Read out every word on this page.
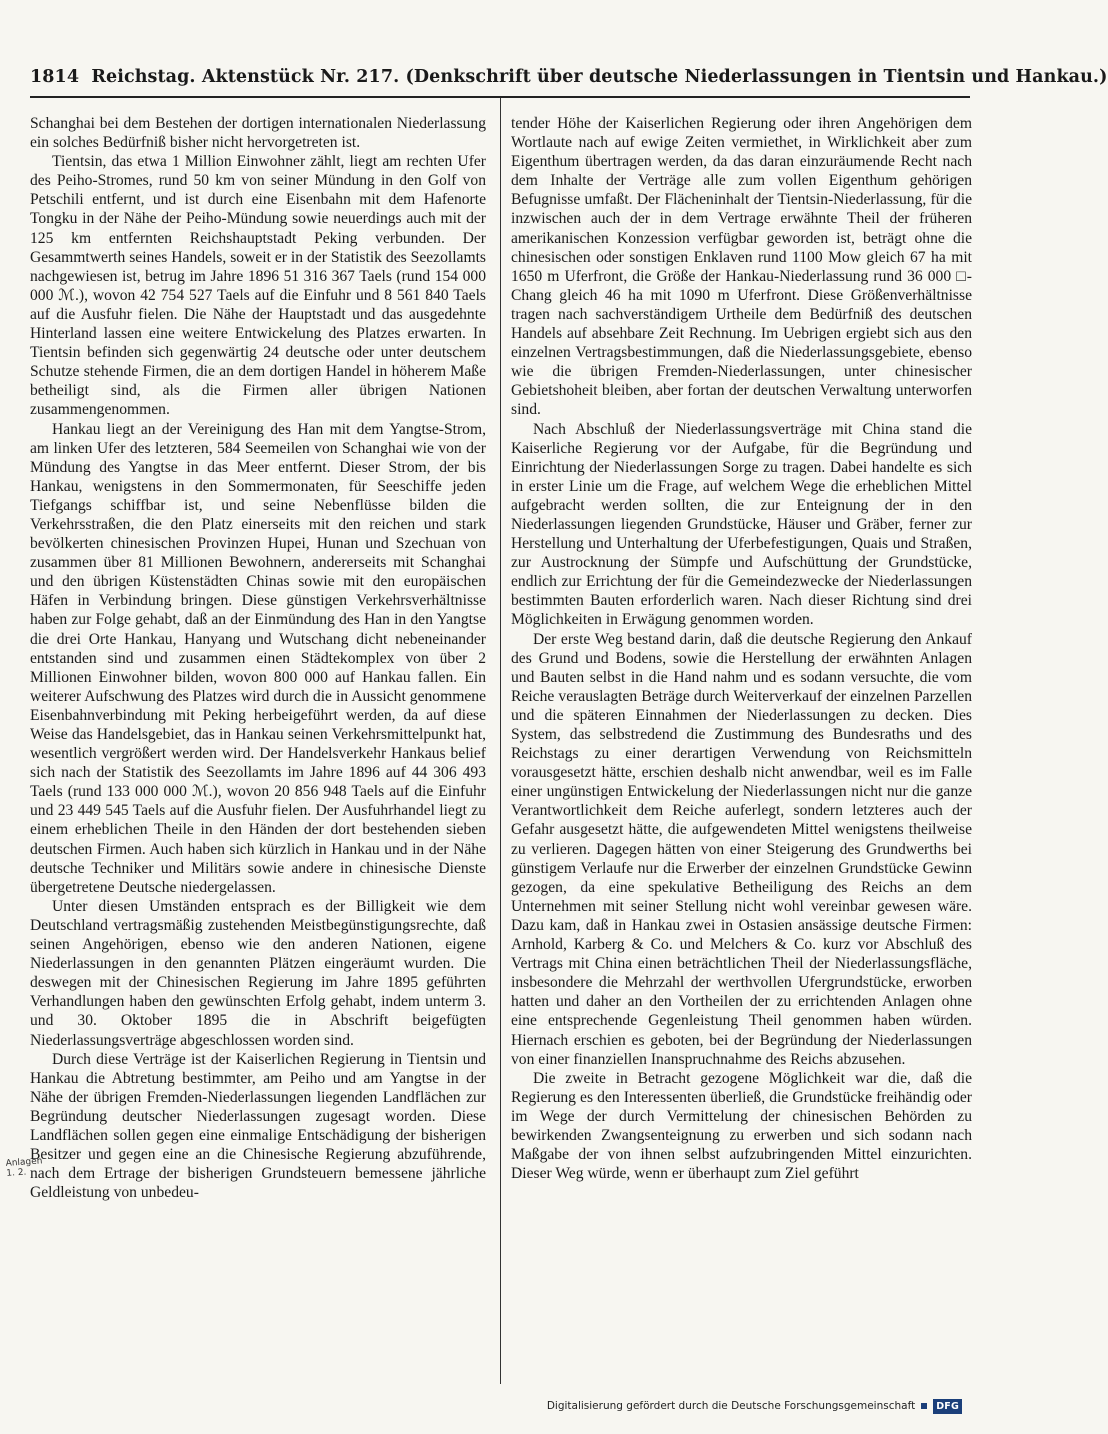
1814 Reichstag. Aktenstück Nr. 217. (Denkschrift über deutsche Niederlassungen in Tientsin und Hankau.)

Schanghai bei dem Bestehen der dortigen internationalen Niederlassung ein solches Bedürfniß bisher nicht hervorgetreten ist.

Tientsin, das etwa 1 Million Einwohner zählt, liegt am rechten Ufer des Peiho-Stromes, rund 50 km von seiner Mündung in den Golf von Petschili entfernt, und ist durch eine Eisenbahn mit dem Hafenorte Tongku in der Nähe der Peiho-Mündung sowie neuerdings auch mit der 125 km entfernten Reichshauptstadt Peking verbunden. Der Gesammtwerth seines Handels, soweit er in der Statistik des Seezollamts nachgewiesen ist, betrug im Jahre 1896 51 316 367 Taels (rund 154 000 000 ℳ.), wovon 42 754 527 Taels auf die Einfuhr und 8 561 840 Taels auf die Ausfuhr fielen. Die Nähe der Hauptstadt und das ausgedehnte Hinterland lassen eine weitere Entwickelung des Platzes erwarten. In Tientsin befinden sich gegenwärtig 24 deutsche oder unter deutschem Schutze stehende Firmen, die an dem dortigen Handel in höherem Maße betheiligt sind, als die Firmen aller übrigen Nationen zusammengenommen.

Hankau liegt an der Vereinigung des Han mit dem Yangtse-Strom, am linken Ufer des letzteren, 584 Seemeilen von Schanghai wie von der Mündung des Yangtse in das Meer entfernt. Dieser Strom, der bis Hankau, wenigstens in den Sommermonaten, für Seeschiffe jeden Tiefgangs schiffbar ist, und seine Nebenflüsse bilden die Verkehrsstraßen, die den Platz einerseits mit den reichen und stark bevölkerten chinesischen Provinzen Hupei, Hunan und Szechuan von zusammen über 81 Millionen Bewohnern, andererseits mit Schanghai und den übrigen Küstenstädten Chinas sowie mit den europäischen Häfen in Verbindung bringen. Diese günstigen Verkehrsverhältnisse haben zur Folge gehabt, daß an der Einmündung des Han in den Yangtse die drei Orte Hankau, Hanyang und Wutschang dicht nebeneinander entstanden sind und zusammen einen Städtekomplex von über 2 Millionen Einwohner bilden, wovon 800 000 auf Hankau fallen. Ein weiterer Aufschwung des Platzes wird durch die in Aussicht genommene Eisenbahnverbindung mit Peking herbeigeführt werden, da auf diese Weise das Handelsgebiet, das in Hankau seinen Verkehrsmittelpunkt hat, wesentlich vergrößert werden wird. Der Handelsverkehr Hankaus belief sich nach der Statistik des Seezollamts im Jahre 1896 auf 44 306 493 Taels (rund 133 000 000 ℳ.), wovon 20 856 948 Taels auf die Einfuhr und 23 449 545 Taels auf die Ausfuhr fielen. Der Ausfuhrhandel liegt zu einem erheblichen Theile in den Händen der dort bestehenden sieben deutschen Firmen. Auch haben sich kürzlich in Hankau und in der Nähe deutsche Techniker und Militärs sowie andere in chinesische Dienste übergetretene Deutsche niedergelassen.

Unter diesen Umständen entsprach es der Billigkeit wie dem Deutschland vertragsmäßig zustehenden Meistbegünstigungsrechte, daß seinen Angehörigen, ebenso wie den anderen Nationen, eigene Niederlassungen in den genannten Plätzen eingeräumt wurden. Die deswegen mit der Chinesischen Regierung im Jahre 1895 geführten Verhandlungen haben den gewünschten Erfolg gehabt, indem unterm 3. und 30. Oktober 1895 die in Abschrift beigefügten Niederlassungsverträge abgeschlossen worden sind.

Durch diese Verträge ist der Kaiserlichen Regierung in Tientsin und Hankau die Abtretung bestimmter, am Peiho und am Yangtse in der Nähe der übrigen Fremden-Niederlassungen liegenden Landflächen zur Begründung deutscher Niederlassungen zugesagt worden. Diese Landflächen sollen gegen eine einmalige Entschädigung der bisherigen Besitzer und gegen eine an die Chinesische Regierung abzuführende, nach dem Ertrage der bisherigen Grundsteuern bemessene jährliche Geldleistung von unbedeu-

tender Höhe der Kaiserlichen Regierung oder ihren Angehörigen dem Wortlaute nach auf ewige Zeiten vermiethet, in Wirklichkeit aber zum Eigenthum übertragen werden, da das daran einzuräumende Recht nach dem Inhalte der Verträge alle zum vollen Eigenthum gehörigen Befugnisse umfaßt. Der Flächeninhalt der Tientsin-Niederlassung, für die inzwischen auch der in dem Vertrage erwähnte Theil der früheren amerikanischen Konzession verfügbar geworden ist, beträgt ohne die chinesischen oder sonstigen Enklaven rund 1100 Mow gleich 67 ha mit 1650 m Uferfront, die Größe der Hankau-Niederlassung rund 36 000 □-Chang gleich 46 ha mit 1090 m Uferfront. Diese Größenverhältnisse tragen nach sachverständigem Urtheile dem Bedürfniß des deutschen Handels auf absehbare Zeit Rechnung. Im Uebrigen ergiebt sich aus den einzelnen Vertragsbestimmungen, daß die Niederlassungsgebiete, ebenso wie die übrigen Fremden-Niederlassungen, unter chinesischer Gebietshoheit bleiben, aber fortan der deutschen Verwaltung unterworfen sind.

Nach Abschluß der Niederlassungsverträge mit China stand die Kaiserliche Regierung vor der Aufgabe, für die Begründung und Einrichtung der Niederlassungen Sorge zu tragen. Dabei handelte es sich in erster Linie um die Frage, auf welchem Wege die erheblichen Mittel aufgebracht werden sollten, die zur Enteignung der in den Niederlassungen liegenden Grundstücke, Häuser und Gräber, ferner zur Herstellung und Unterhaltung der Uferbefestigungen, Quais und Straßen, zur Austrocknung der Sümpfe und Aufschüttung der Grundstücke, endlich zur Errichtung der für die Gemeindezwecke der Niederlassungen bestimmten Bauten erforderlich waren. Nach dieser Richtung sind drei Möglichkeiten in Erwägung genommen worden.

Der erste Weg bestand darin, daß die deutsche Regierung den Ankauf des Grund und Bodens, sowie die Herstellung der erwähnten Anlagen und Bauten selbst in die Hand nahm und es sodann versuchte, die vom Reiche verauslagten Beträge durch Weiterverkauf der einzelnen Parzellen und die späteren Einnahmen der Niederlassungen zu decken. Dies System, das selbstredend die Zustimmung des Bundesraths und des Reichstags zu einer derartigen Verwendung von Reichsmitteln vorausgesetzt hätte, erschien deshalb nicht anwendbar, weil es im Falle einer ungünstigen Entwickelung der Niederlassungen nicht nur die ganze Verantwortlichkeit dem Reiche auferlegt, sondern letzteres auch der Gefahr ausgesetzt hätte, die aufgewendeten Mittel wenigstens theilweise zu verlieren. Dagegen hätten von einer Steigerung des Grundwerths bei günstigem Verlaufe nur die Erwerber der einzelnen Grundstücke Gewinn gezogen, da eine spekulative Betheiligung des Reichs an dem Unternehmen mit seiner Stellung nicht wohl vereinbar gewesen wäre. Dazu kam, daß in Hankau zwei in Ostasien ansässige deutsche Firmen: Arnhold, Karberg & Co. und Melchers & Co. kurz vor Abschluß des Vertrags mit China einen beträchtlichen Theil der Niederlassungsfläche, insbesondere die Mehrzahl der werthvollen Ufergrundstücke, erworben hatten und daher an den Vortheilen der zu errichtenden Anlagen ohne eine entsprechende Gegenleistung Theil genommen haben würden. Hiernach erschien es geboten, bei der Begründung der Niederlassungen von einer finanziellen Inanspruchnahme des Reichs abzusehen.

Die zweite in Betracht gezogene Möglichkeit war die, daß die Regierung es den Interessenten überließ, die Grundstücke freihändig oder im Wege der durch Vermittelung der chinesischen Behörden zu bewirkenden Zwangsenteignung zu erwerben und sich sodann nach Maßgabe der von ihnen selbst aufzubringenden Mittel einzurichten. Dieser Weg würde, wenn er überhaupt zum Ziel geführt

Anlagen 1. 2.
Digitalisierung gefördert durch die Deutsche Forschungsgemeinschaft	DFG
